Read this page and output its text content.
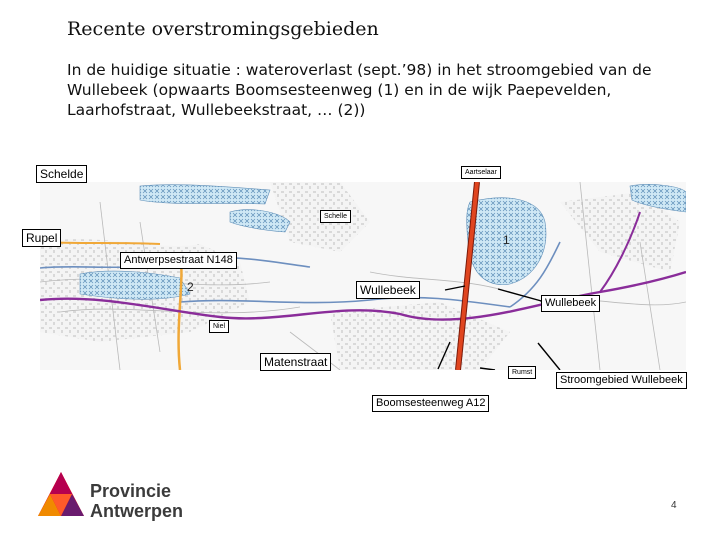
Recente overstromingsgebieden

In de huidige situatie : wateroverlast (sept.’98) in het stroomgebied van de Wullebeek (opwaarts Boomsesteenweg (1) en in de wijk Paepevelden, Laarhofstraat, Wullebeekstraat, … (2))

Schelde	Aartselaar
Schelle
Rupel
Antwerpsestraat N148
Wullebeek
Wullebeek
Niel
Matenstraat
Rumst
Stroomgebied Wullebeek
Boomsesteenweg A12
1
2
Provincie
Antwerpen	4
